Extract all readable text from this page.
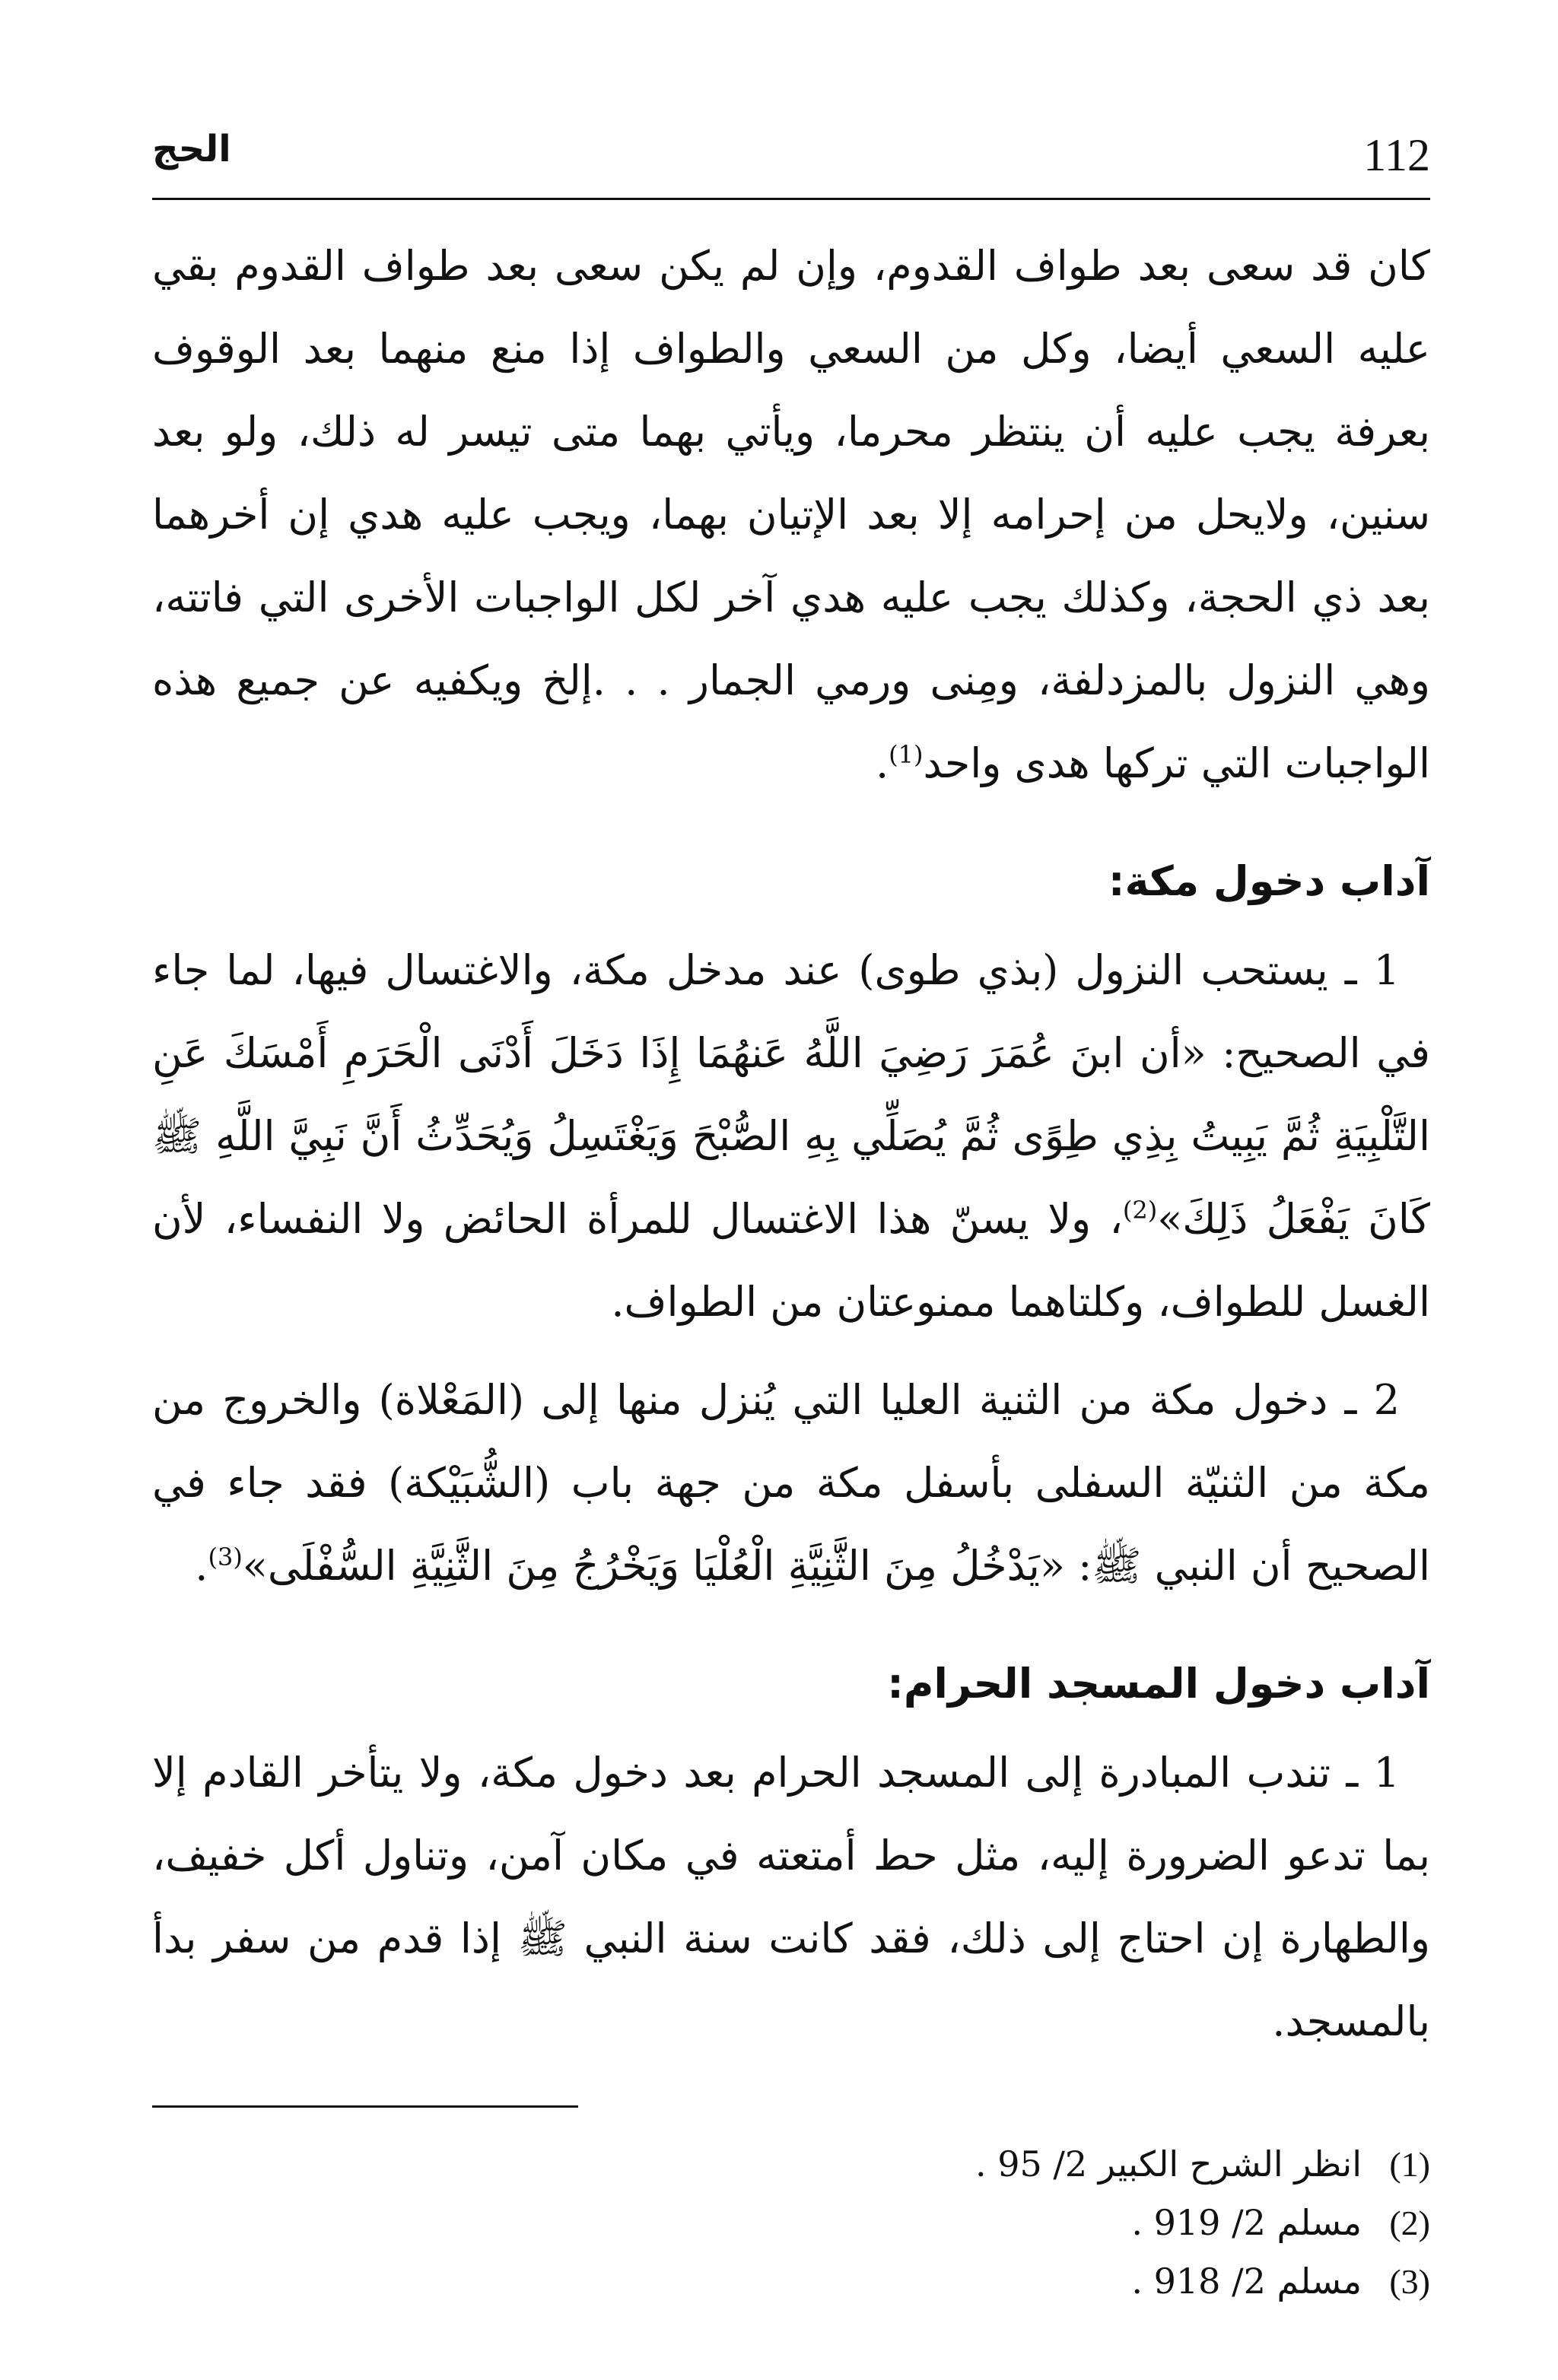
112
الحج

كان قد سعى بعد طواف القدوم، وإن لم يكن سعى بعد طواف القدوم بقي عليه السعي أيضا، وكل من السعي والطواف إذا منع منهما بعد الوقوف بعرفة يجب عليه أن ينتظر محرما، ويأتي بهما متى تيسر له ذلك، ولو بعد سنين، ولايحل من إحرامه إلا بعد الإتيان بهما، ويجب عليه هدي إن أخرهما بعد ذي الحجة، وكذلك يجب عليه هدي آخر لكل الواجبات الأخرى التي فاتته، وهي النزول بالمزدلفة، ومِنى ورمي الجمار . . .إلخ ويكفيه عن جميع هذه الواجبات التي تركها هدى واحد$^{(1)}$.

آداب دخول مكة:

1 ـ يستحب النزول (بذي طوى) عند مدخل مكة، والاغتسال فيها، لما جاء في الصحيح: «أن ابنَ عُمَرَ رَضِيَ اللَّهُ عَنهُمَا إِذَا دَخَلَ أَدْنَى الْحَرَمِ أَمْسَكَ عَنِ التَّلْبِيَةِ ثُمَّ يَبِيتُ بِذِي طِوًى ثُمَّ يُصَلِّي بِهِ الصُّبْحَ وَيَغْتَسِلُ وَيُحَدِّثُ أَنَّ نَبِيَّ اللَّهِ ﷺ كَانَ يَفْعَلُ ذَلِكَ»$^{(2)}$، ولا يسنّ هذا الاغتسال للمرأة الحائض ولا النفساء، لأن الغسل للطواف، وكلتاهما ممنوعتان من الطواف.

2 ـ دخول مكة من الثنية العليا التي يُنزل منها إلى (المَعْلاة) والخروج من مكة من الثنيّة السفلى بأسفل مكة من جهة باب (الشُّبَيْكة) فقد جاء في الصحيح أن النبي ﷺ: «يَدْخُلُ مِنَ الثَّنِيَّةِ الْعُلْيَا وَيَخْرُجُ مِنَ الثَّنِيَّةِ السُّفْلَى»$^{(3)}$.

آداب دخول المسجد الحرام:

1 ـ تندب المبادرة إلى المسجد الحرام بعد دخول مكة، ولا يتأخر القادم إلا بما تدعو الضرورة إليه، مثل حط أمتعته في مكان آمن، وتناول أكل خفيف، والطهارة إن احتاج إلى ذلك، فقد كانت سنة النبي ﷺ إذا قدم من سفر بدأ بالمسجد.

(1)انظر الشرح الكبير 2/ 95 .
(2)مسلم 2/ 919 .
(3)مسلم 2/ 918 .
